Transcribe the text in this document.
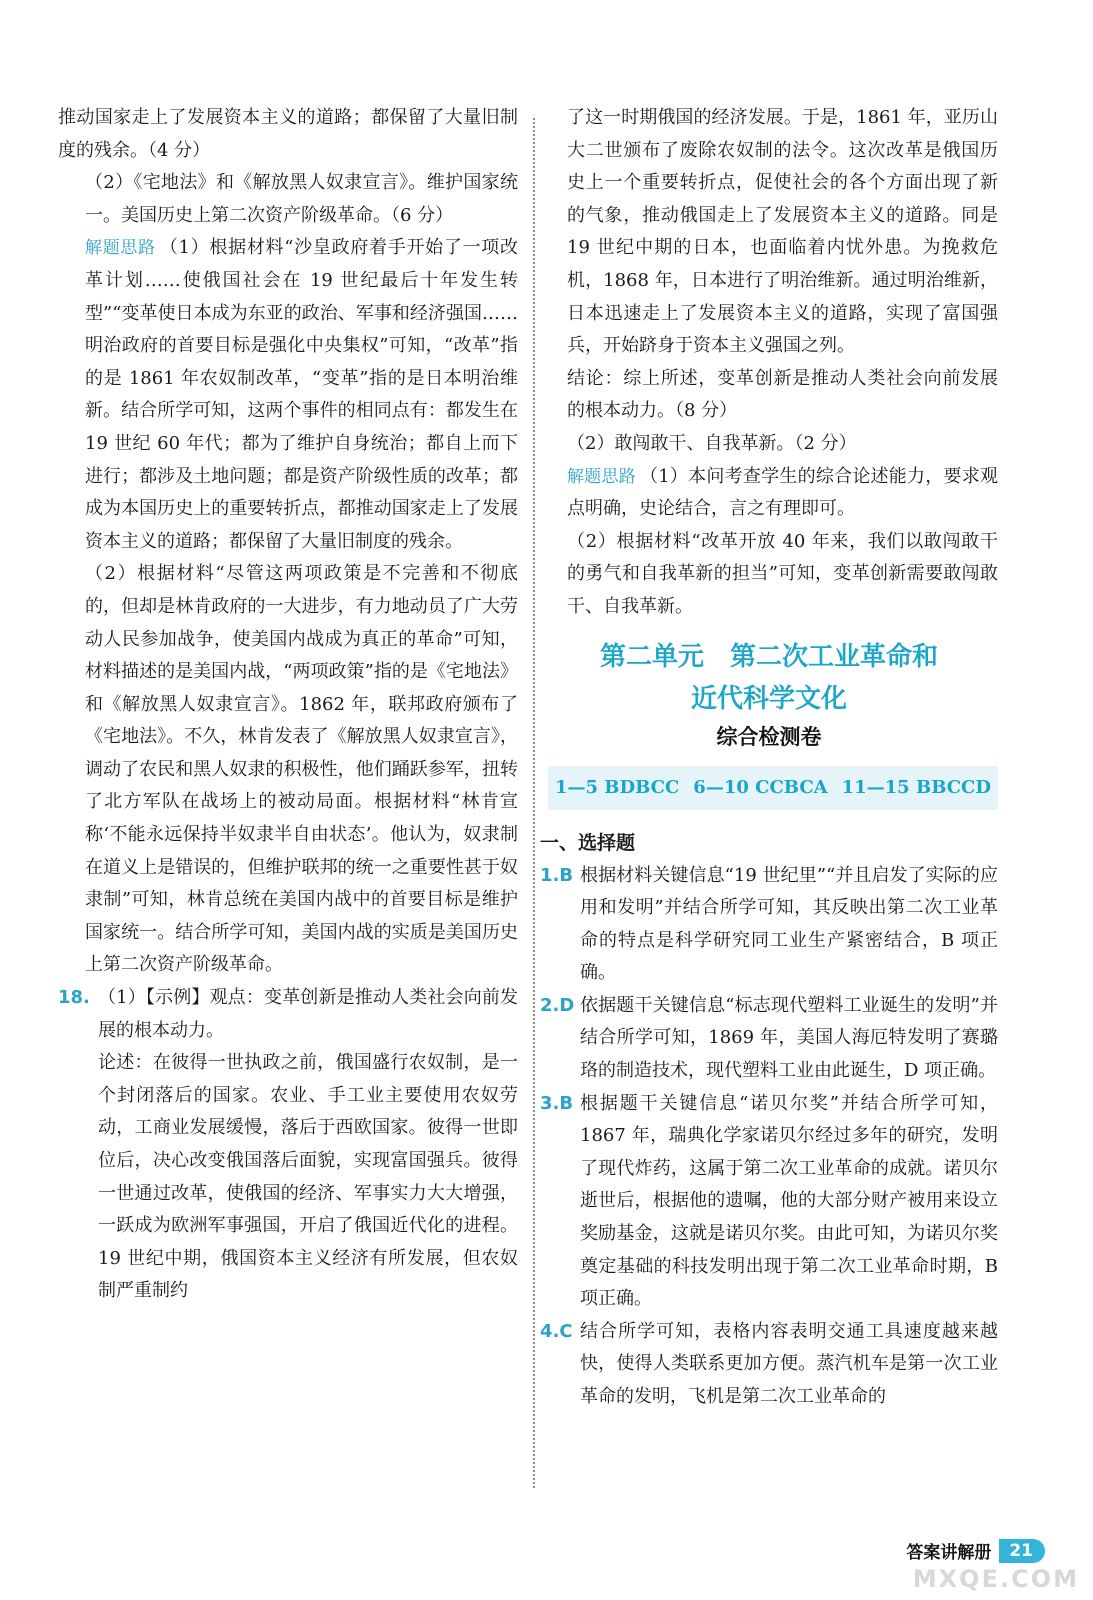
推动国家走上了发展资本主义的道路；都保留了大量旧制度的残余。（4 分）

（2）《宅地法》和《解放黑人奴隶宣言》。维护国家统一。美国历史上第二次资产阶级革命。（6 分）

解题思路 （1）根据材料“沙皇政府着手开始了一项改革计划……使俄国社会在 19 世纪最后十年发生转型”“变革使日本成为东亚的政治、军事和经济强国……明治政府的首要目标是强化中央集权”可知，“改革”指的是 1861 年农奴制改革，“变革”指的是日本明治维新。结合所学可知，这两个事件的相同点有：都发生在 19 世纪 60 年代；都为了维护自身统治；都自上而下进行；都涉及土地问题；都是资产阶级性质的改革；都成为本国历史上的重要转折点，都推动国家走上了发展资本主义的道路；都保留了大量旧制度的残余。

（2）根据材料“尽管这两项政策是不完善和不彻底的，但却是林肯政府的一大进步，有力地动员了广大劳动人民参加战争，使美国内战成为真正的革命”可知，材料描述的是美国内战，“两项政策”指的是《宅地法》和《解放黑人奴隶宣言》。1862 年，联邦政府颁布了《宅地法》。不久，林肯发表了《解放黑人奴隶宣言》，调动了农民和黑人奴隶的积极性，他们踊跃参军，扭转了北方军队在战场上的被动局面。根据材料“林肯宣称‘不能永远保持半奴隶半自由状态’。他认为，奴隶制在道义上是错误的，但维护联邦的统一之重要性甚于奴隶制”可知，林肯总统在美国内战中的首要目标是维护国家统一。结合所学可知，美国内战的实质是美国历史上第二次资产阶级革命。

18. （1）【示例】观点：变革创新是推动人类社会向前发展的根本动力。

论述：在彼得一世执政之前，俄国盛行农奴制，是一个封闭落后的国家。农业、手工业主要使用农奴劳动，工商业发展缓慢，落后于西欧国家。彼得一世即位后，决心改变俄国落后面貌，实现富国强兵。彼得一世通过改革，使俄国的经济、军事实力大大增强，一跃成为欧洲军事强国，开启了俄国近代化的进程。19 世纪中期，俄国资本主义经济有所发展，但农奴制严重制约

了这一时期俄国的经济发展。于是，1861 年，亚历山大二世颁布了废除农奴制的法令。这次改革是俄国历史上一个重要转折点，促使社会的各个方面出现了新的气象，推动俄国走上了发展资本主义的道路。同是 19 世纪中期的日本，也面临着内忧外患。为挽救危机，1868 年，日本进行了明治维新。通过明治维新，日本迅速走上了发展资本主义的道路，实现了富国强兵，开始跻身于资本主义强国之列。

结论：综上所述，变革创新是推动人类社会向前发展的根本动力。（8 分）

（2）敢闯敢干、自我革新。（2 分）

解题思路 （1）本问考查学生的综合论述能力，要求观点明确，史论结合，言之有理即可。

（2）根据材料“改革开放 40 年来，我们以敢闯敢干的勇气和自我革新的担当”可知，变革创新需要敢闯敢干、自我革新。

第二单元　第二次工业革命和
近代科学文化
综合检测卷
1—5 BDBCC 6—10 CCBCA 11—15 BBCCD
一、选择题
1.B 根据材料关键信息“19 世纪里”“并且启发了实际的应用和发明”并结合所学可知，其反映出第二次工业革命的特点是科学研究同工业生产紧密结合，B 项正确。

2.D 依据题干关键信息“标志现代塑料工业诞生的发明”并结合所学可知，1869 年，美国人海厄特发明了赛璐珞的制造技术，现代塑料工业由此诞生，D 项正确。

3.B 根据题干关键信息“诺贝尔奖”并结合所学可知，1867 年，瑞典化学家诺贝尔经过多年的研究，发明了现代炸药，这属于第二次工业革命的成就。诺贝尔逝世后，根据他的遗嘱，他的大部分财产被用来设立奖励基金，这就是诺贝尔奖。由此可知，为诺贝尔奖奠定基础的科技发明出现于第二次工业革命时期，B 项正确。

4.C 结合所学可知，表格内容表明交通工具速度越来越快，使得人类联系更加方便。蒸汽机车是第一次工业革命的发明，飞机是第二次工业革命的

答案讲解册	21
MXQE.COM
